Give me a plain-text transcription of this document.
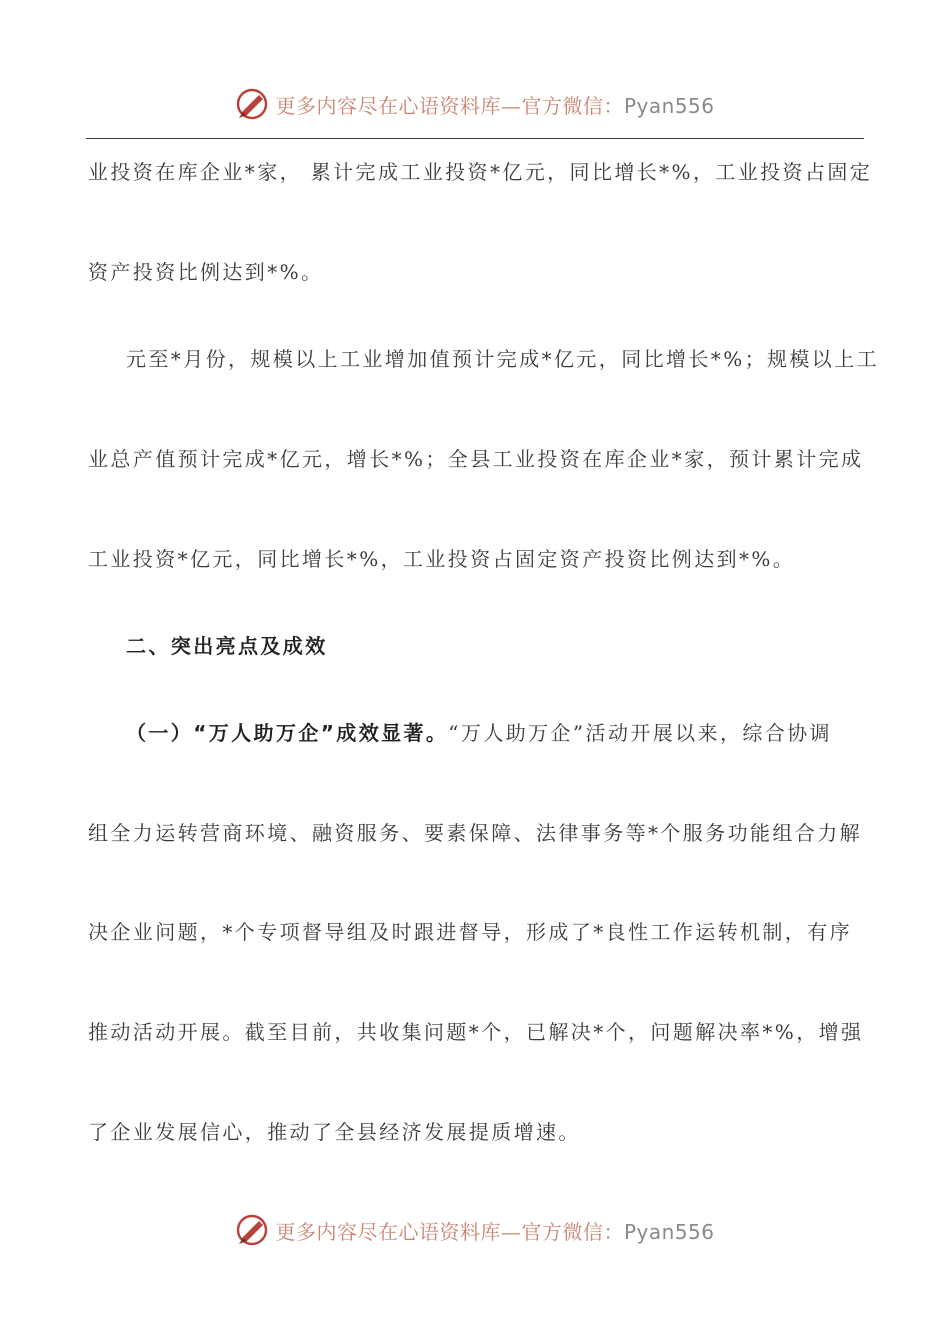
更多内容尽在心语资料库—官方微信：Pyan556
业投资在库企业*家， 累计完成工业投资*亿元，同比增长*%，工业投资占固定
资产投资比例达到*%。
元至*月份，规模以上工业增加值预计完成*亿元，同比增长*%；规模以上工
业总产值预计完成*亿元，增长*%；全县工业投资在库企业*家，预计累计完成
工业投资*亿元，同比增长*%，工业投资占固定资产投资比例达到*%。
二、突出亮点及成效
（一）“万人助万企”成效显著。“万人助万企”活动开展以来，综合协调
组全力运转营商环境、融资服务、要素保障、法律事务等*个服务功能组合力解
决企业问题，*个专项督导组及时跟进督导，形成了*良性工作运转机制，有序
推动活动开展。截至目前，共收集问题*个，已解决*个，问题解决率*%，增强
了企业发展信心，推动了全县经济发展提质增速。
更多内容尽在心语资料库—官方微信：Pyan556
